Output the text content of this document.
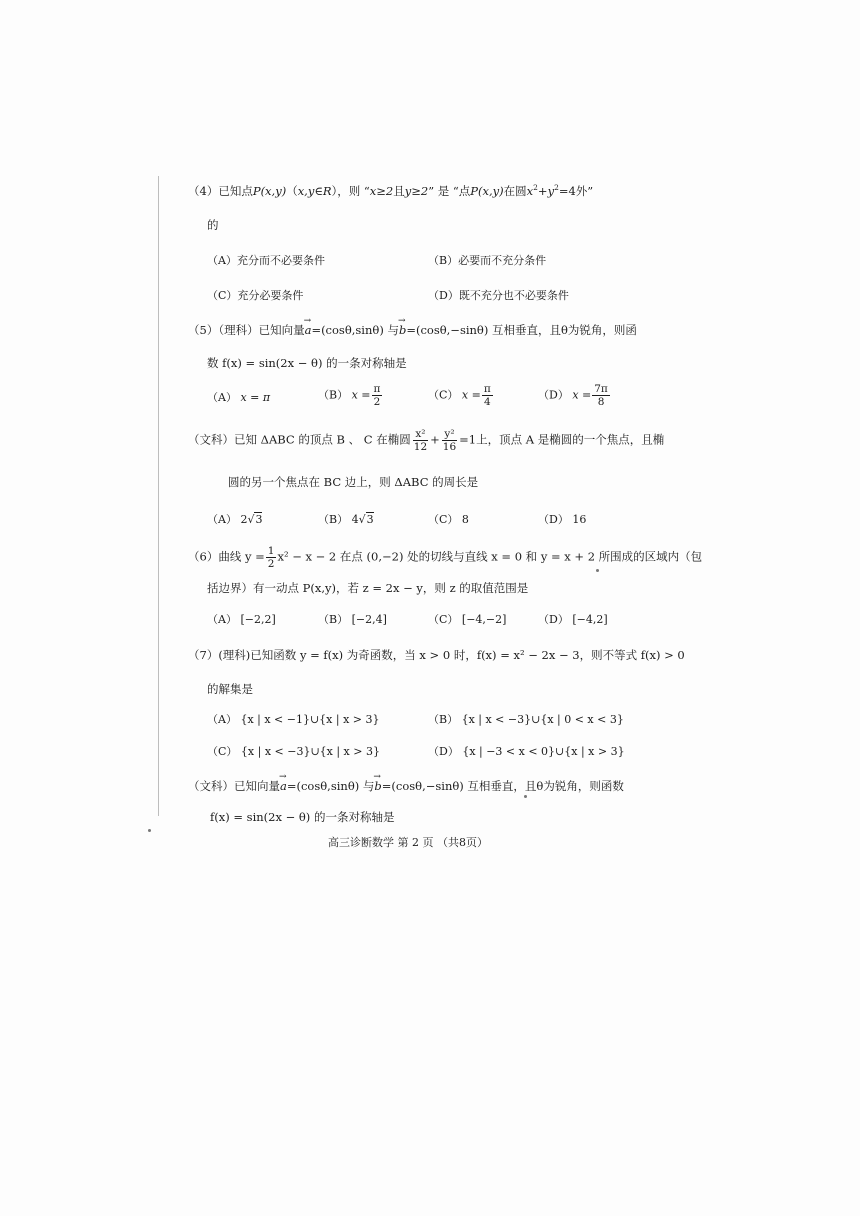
（4）已知点P(x,y)（x,y∈R），则 “x≥2且y≥2” 是 “点P(x,y)在圆$x^2+y^2=4$外”
的
（A）充分而不必要条件	（B）必要而不充分条件
（C）充分必要条件	（D）既不充分也不必要条件
（5）（理科）已知向量→ a=(cosθ,sinθ) 与→ b=(cosθ,−sinθ) 互相垂直，且θ为锐角，则函
数 f(x) = sin(2x − θ) 的一条对称轴是
（A） x = π	（B） $x = \frac{\pi}{2}$	（C） $x = \frac{\pi}{4}$	（D） $x = \frac{7\pi}{8}$
（文科）已知 ΔABC 的顶点 B 、 C 在椭圆 $\frac{\text{x²}}{12} + \frac{\text{y²}}{16} =1$上，顶点 A 是椭圆的一个焦点，且椭
圆的另一个焦点在 BC 边上，则 ΔABC 的周长是
（A） 2√3	（B） 4√3	（C） 8	（D） 16
（6）曲线 $y = \frac{1}{2} x^2 - x - 2$ 在点 (0,−2) 处的切线与直线 x = 0 和 y = x + 2 所围成的区域内（包
括边界）有一动点 P(x,y)，若 z = 2x − y，则 z 的取值范围是
（A） [−2,2]	（B） [−2,4]	（C） [−4,−2]	（D） [−4,2]
（7）(理科)已知函数 y = f(x) 为奇函数，当 x > 0 时，f(x) = x² − 2x − 3，则不等式 f(x) > 0
的解集是
（A） {x | x < −1}∪{x | x > 3}	（B） {x | x < −3}∪{x | 0 < x < 3}
（C） {x | x < −3}∪{x | x > 3}	（D） {x | −3 < x < 0}∪{x | x > 3}
（文科）已知向量→ a=(cosθ,sinθ) 与→ b=(cosθ,−sinθ) 互相垂直，且θ为锐角，则函数
f(x) = sin(2x − θ) 的一条对称轴是
高三诊断数学 第 2 页 （共8页）
